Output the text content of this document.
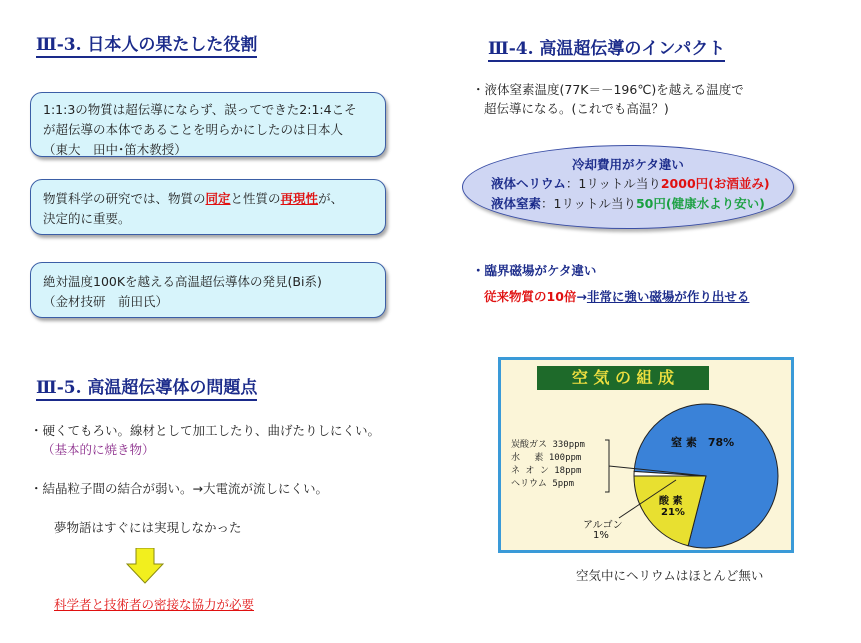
Ⅲ-3. 日本人の果たした役割
1:1:3の物質は超伝導にならず、誤ってできた2:1:4こそ
が超伝導の本体であることを明らかにしたのは日本人
（東大　田中･笛木教授）
物質科学の研究では、物質の同定と性質の再現性が、
決定的に重要。
絶対温度100Kを越える高温超伝導体の発見(Bi系)
（金材技研　前田氏）
Ⅲ-4. 高温超伝導のインパクト
・液体窒素温度(77K＝－196℃)を越える温度で
超伝導になる。(これでも高温？)
冷却費用がケタ違い
液体ヘリウム：1リットル当り2000円(お酒並み)
液体窒素：1リットル当り50円(健康水より安い)
・臨界磁場がケタ違い
従来物質の10倍→非常に強い磁場が作り出せる
Ⅲ-5. 高温超伝導体の問題点
・硬くてもろい。線材として加工したり、曲げたりしにくい。
（基本的に焼き物）
・結晶粒子間の結合が弱い。→大電流が流しにくい。
夢物語はすぐには実現しなかった
科学者と技術者の密接な協力が必要
空 気 の 組 成
炭酸ガス 330ppm
水　 素 100ppm
ネ オ ン 18ppm
ヘリウム 5ppm
窒 素　78%
酸 素
21%
アルゴン
1%
空気中にヘリウムはほとんど無い
